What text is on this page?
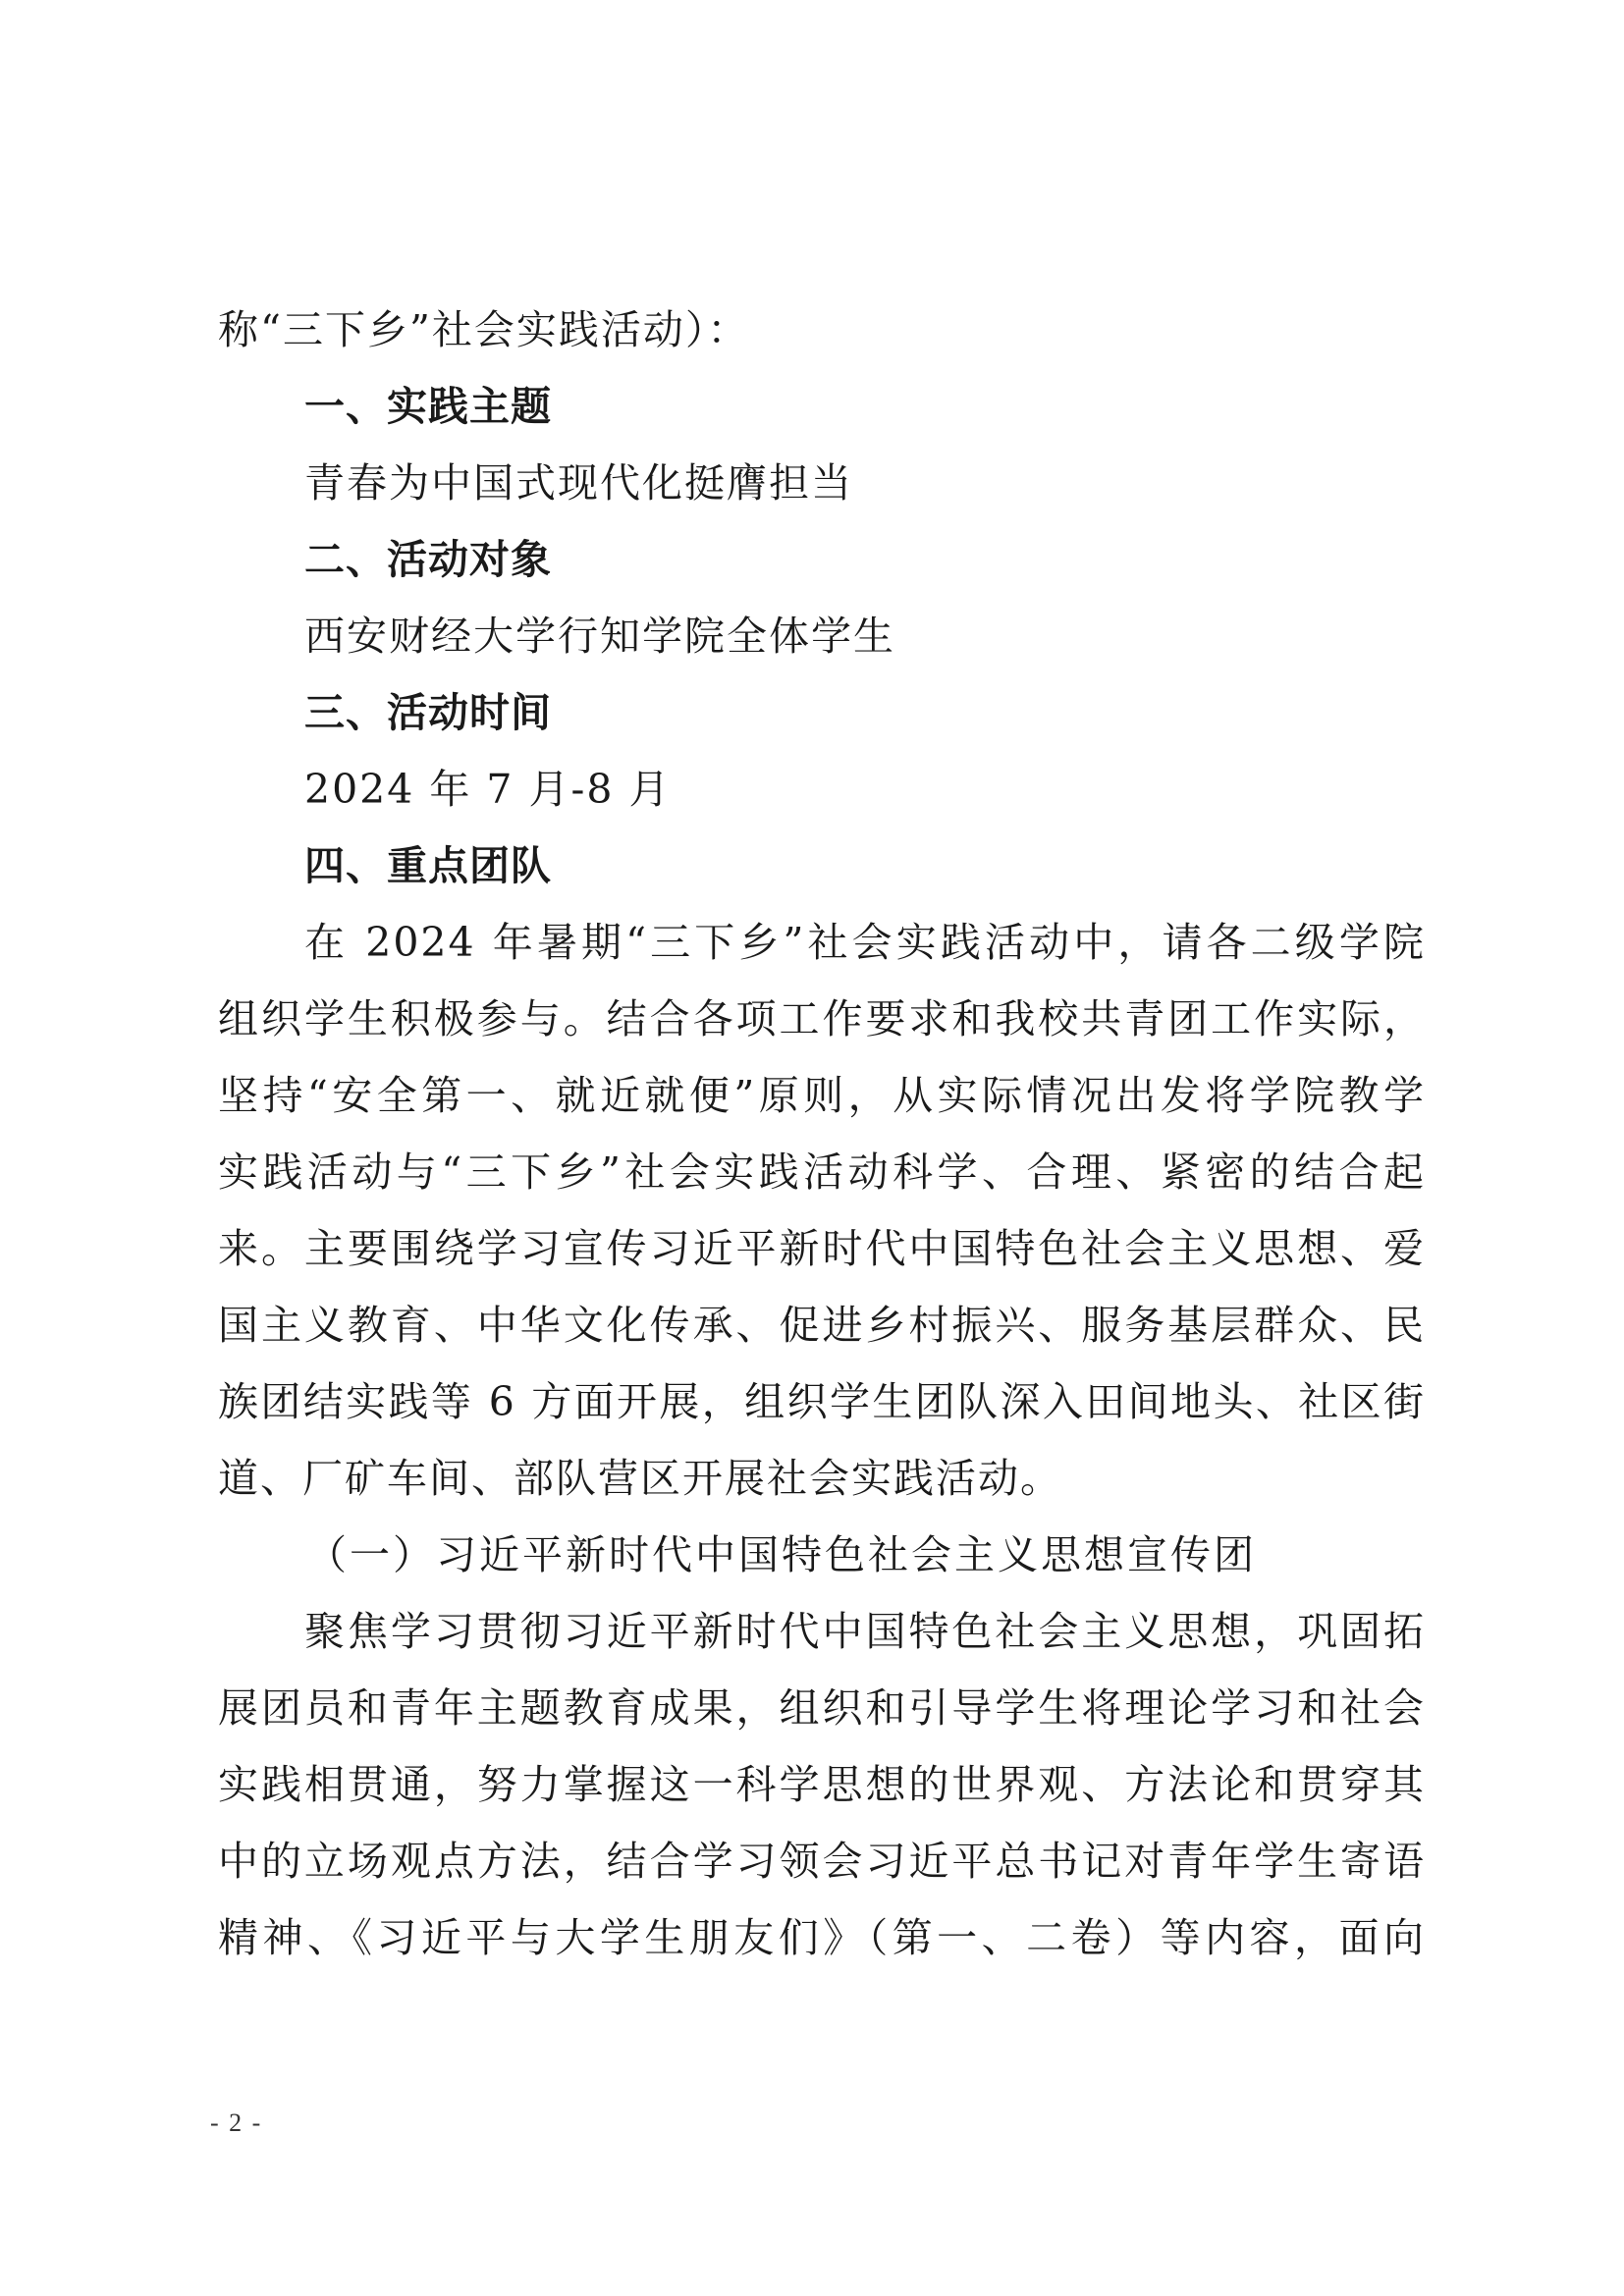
称“三下乡”社会实践活动）：
一、实践主题
青春为中国式现代化挺膺担当
二、活动对象
西安财经大学行知学院全体学生
三、活动时间
2024 年 7 月-8 月
四、重点团队
在 2024 年暑期“三下乡”社会实践活动中，请各二级学院
组织学生积极参与。结合各项工作要求和我校共青团工作实际，
坚持“安全第一、就近就便”原则，从实际情况出发将学院教学
实践活动与“三下乡”社会实践活动科学、合理、紧密的结合起
来。主要围绕学习宣传习近平新时代中国特色社会主义思想、爱
国主义教育、中华文化传承、促进乡村振兴、服务基层群众、民
族团结实践等 6 方面开展，组织学生团队深入田间地头、社区街
道、厂矿车间、部队营区开展社会实践活动。
（一）习近平新时代中国特色社会主义思想宣传团
聚焦学习贯彻习近平新时代中国特色社会主义思想，巩固拓
展团员和青年主题教育成果，组织和引导学生将理论学习和社会
实践相贯通，努力掌握这一科学思想的世界观、方法论和贯穿其
中的立场观点方法，结合学习领会习近平总书记对青年学生寄语
精神、《习近平与大学生朋友们》（第一、二卷）等内容，面向
- 2 -
